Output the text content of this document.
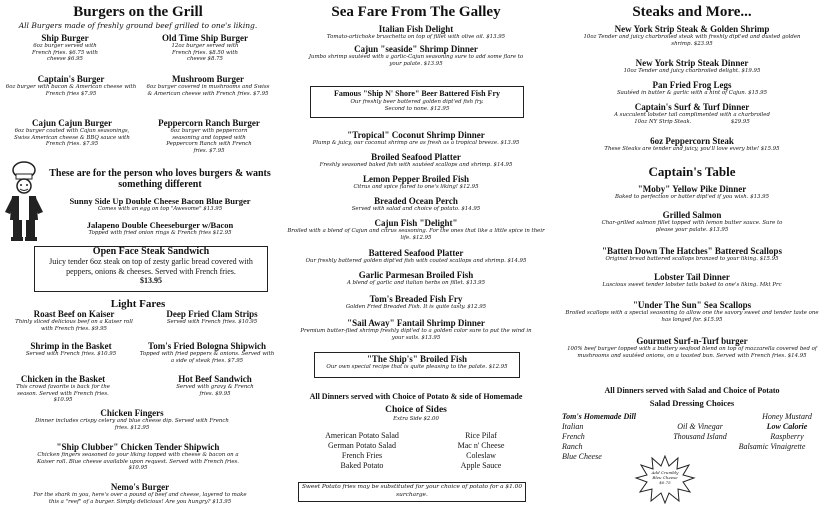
Burgers on the Grill
All Burgers made of freshly ground beef grilled to one's liking.
Ship Burger
6oz burger served with French fries. $6.75 with cheese $6.95
Old Time Ship Burger
12oz burger served with French fries. $8.50 with cheese $8.75
Captain's Burger
6oz burger with bacon & American cheese with French fries $7.95
Mushroom Burger
6oz burger covered in mushrooms and Swiss & American cheese with French fries. $7.95
Cajun Cajun Burger
6oz burger coated with Cajun seasonings, Swiss American cheese & BBQ sauce with French fries. $7.95
Peppercorn Ranch Burger
6oz burger with peppercorn seasoning and topped with Peppercorn Ranch with French fries. $7.95
These are for the person who loves burgers & wants something different
Sunny Side Up Double Cheese Bacon Blue Burger
Comes with an egg on top "Awesome" $13.95
Jalapeno Double Cheeseburger w/Bacon
Topped with fried onion rings & French fries $12.95
Open Face Steak Sandwich
Juicy tender 6oz steak on top of zesty garlic bread covered with peppers, onions & cheeses. Served with French fries.
$13.95
Light Fares
Roast Beef on Kaiser
Thinly sliced delicious beef on a Kaiser roll with French fries. $9.95
Deep Fried Clam Strips
Served with French fries. $10.95
Shrimp in the Basket
Served with French fries. $10.95
Tom's Fried Bologna Shipwich
Topped with fried peppers & onions. Served with a side of steak fries. $7.95
Chicken in the Basket
This crowd favorite is back for the season. Served with French fries. $10.95
Hot Beef Sandwich
Served with gravy & French fries. $9.95
Chicken Fingers
Dinner includes crispy celery and blue cheese dip. Served with French fries. $12.95
"Ship Clubber" Chicken Tender Shipwich
Chicken fingers seasoned to your liking topped with cheese & bacon on a Kaiser roll. Blue cheese available upon request. Served with French fries. $10.95
Nemo's Burger
For the shark in you, here's over a pound of beef and cheese, layered to make this a "reef" of a burger. Simply delicious! Are you hungry? $13.95
Sea Fare From The Galley
Italian Fish Delight
Tomato-artichoke bruschetta on top of fillet with olive oil. $13.95
Cajun "seaside" Shrimp Dinner
Jumbo shrimp sautéed with a garlic-Cajun seasoning sure to add some flare to your palate. $13.95
Famous "Ship N' Shore" Beer Battered Fish Fry
Our freshly beer battered golden dipt'ed fish fry.
Second to none. $12.95
"Tropical" Coconut Shrimp Dinner
Plump & juicy, our coconut shrimp are as fresh as a tropical breeze. $13.95
Broiled Seafood Platter
Freshly seasoned baked fish with sautéed scallops and shrimp. $14.95
Lemon Pepper Broiled Fish
Citrus and spice flared to one's liking! $12.95
Breaded Ocean Perch
Served with salad and choice of potato. $14.95
Cajun Fish "Delight"
Broiled with a blend of Cajun and citrus seasoning. For the ones that like a little spice in their life. $12.95
Battered Seafood Platter
Our freshly battered golden dipt'ed fish with coated scallops and shrimp. $14.95
Garlic Parmesan Broiled Fish
A blend of garlic and italian herbs on fillet. $13.95
Tom's Breaded Fish Fry
Golden Fried Breaded Fish. It is quite tasty. $12.95
"Sail Away" Fantail Shrimp Dinner
Premium butter-flied shrimp freshly dipt'ed to a golden color sure to put the wind in your sails. $13.95
"The Ship's" Broiled Fish
Our own special recipe that is quite pleasing to the palate. $12.95
All Dinners served with Choice of Potato & side of Homemade
Choice of Sides
Extra Side $2.00
American Potato Salad
German Potato Salad
French Fries
Baked Potato
Rice Pilaf
Mac n' Cheese
Coleslaw
Apple Sauce
Sweet Potato fries may be substituted for your choice of potato for a $1.00 surcharge.
Steaks and More...
New York Strip Steak & Golden Shrimp
10oz Tender and juicy charbroiled steak with freshly dipt'ed and dusted golden shrimp. $23.95
New York Strip Steak Dinner
10oz Tender and juicy charbroiled delight. $19.95
Pan Fried Frog Legs
Sautéed in butter & garlic with a hint of Cajun. $15.95
Captain's Surf & Turf Dinner
A succulent lobster tail complimented with a charbroiled
10oz NY Strip Steak.	$29.95
6oz Peppercorn Steak
These Steaks are tender and juicy, you'll love every bite! $15.95
Captain's Table
"Moby" Yellow Pike Dinner
Baked to perfection or batter dipt'ed if you wish. $13.95
Grilled Salmon
Char-grilled salmon fillet topped with lemon butter sauce. Sure to please your palate. $13.95
"Batten Down The Hatches" Battered Scallops
Original bread battered scallops bronzed to your liking. $15.95
Lobster Tail Dinner
Luscious sweet tender lobster tails baked to one's liking. Mkt Prc
"Under The Sun" Sea Scallops
Broiled scallops with a special seasoning to allow one the savory sweet and tender taste one has longed for. $15.95
Gourmet Surf-n-Turf burger
100% beef burger topped with a buttery seafood blend on top of mozzarella covered bed of mushrooms and sautéed onions, on a toasted bun. Served with French fries. $14.95
All Dinners served with Salad and Choice of Potato
Salad Dressing Choices
Tom's Homemade Dill
Italian
French
Ranch
Blue Cheese
Oil & Vinegar
Thousand Island
Honey Mustard
Low Calorie
Raspberry
Balsamic Vinaigrette
Add Crumbly Bleu Cheese $0.75
